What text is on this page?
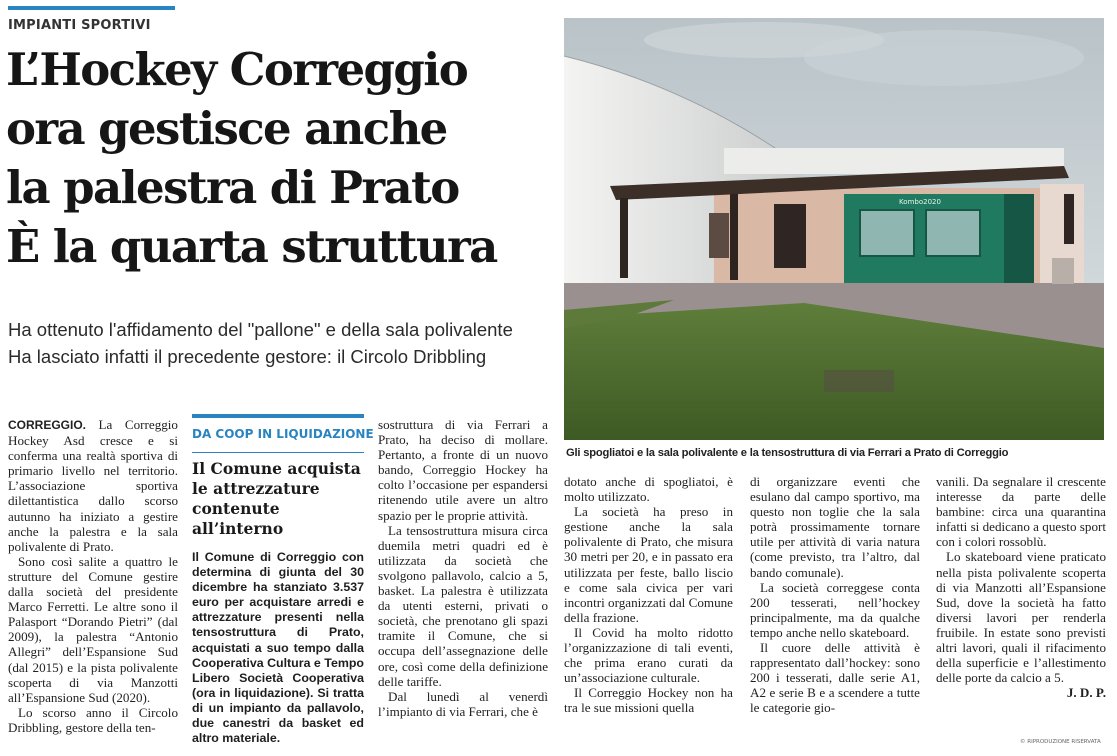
IMPIANTI SPORTIVI
L’Hockey Correggio
ora gestisce anche
la palestra di Prato
È la quarta struttura
Ha ottenuto l'affidamento del "pallone" e della sala polivalente
Ha lasciato infatti il precedente gestore: il Circolo Dribbling
Kombo2020
Gli spogliatoi e la sala polivalente e la tensostruttura di via Ferrari a Prato di Correggio

CORREGGIO. La Correggio Hockey Asd cresce e si conferma una realtà sportiva di primario livello nel territorio. L’associazione sportiva dilettantistica dallo scorso autunno ha iniziato a gestire anche la palestra e la sala polivalente di Prato.

Sono così salite a quattro le strutture del Comune gestire dalla società del presidente Marco Ferretti. Le altre sono il Palasport “Dorando Pietri” (dal 2009), la palestra “Antonio Allegri” dell’Espansione Sud (dal 2015) e la pista polivalente scoperta di via Manzotti all’Espansione Sud (2020).

Lo scorso anno il Circolo Dribbling, gestore della ten-

DA COOP IN LIQUIDAZIONE
Il Comune acquista
le attrezzature
contenute all’interno
Il Comune di Correggio con determina di giunta del 30 dicembre ha stanziato 3.537 euro per acquistare arredi e attrezzature presenti nella tensostruttura di Prato, acquistati a suo tempo dalla Cooperativa Cultura e Tempo Libero Società Cooperativa (ora in liquidazione). Si tratta di un impianto da pallavolo, due canestri da basket ed altro materiale.

sostruttura di via Ferrari a Prato, ha deciso di mollare. Pertanto, a fronte di un nuovo bando, Correggio Hockey ha colto l’occasione per espandersi ritenendo utile avere un altro spazio per le proprie attività.

La tensostruttura misura circa duemila metri quadri ed è utilizzata da società che svolgono pallavolo, calcio a 5, basket. La palestra è utilizzata da utenti esterni, privati o società, che prenotano gli spazi tramite il Comune, che si occupa dell’assegnazione delle ore, così come della definizione delle tariffe.

Dal lunedì al venerdì l’impianto di via Ferrari, che è

dotato anche di spogliatoi, è molto utilizzato.

La società ha preso in gestione anche la sala polivalente di Prato, che misura 30 metri per 20, e in passato era utilizzata per feste, ballo liscio e come sala civica per vari incontri organizzati dal Comune della frazione.

Il Covid ha molto ridotto l’organizzazione di tali eventi, che prima erano curati da un’associazione culturale.

Il Correggio Hockey non ha tra le sue missioni quella

di organizzare eventi che esulano dal campo sportivo, ma questo non toglie che la sala potrà prossimamente tornare utile per attività di varia natura (come previsto, tra l’altro, dal bando comunale).

La società correggese conta 200 tesserati, nell’hockey principalmente, ma da qualche tempo anche nello skateboard.

Il cuore delle attività è rappresentato dall’hockey: sono 200 i tesserati, dalle serie A1, A2 e serie B e a scendere a tutte le categorie gio-

vanili. Da segnalare il crescente interesse da parte delle bambine: circa una quarantina infatti si dedicano a questo sport con i colori rossoblù.

Lo skateboard viene praticato nella pista polivalente scoperta di via Manzotti all’Espansione Sud, dove la società ha fatto diversi lavori per renderla fruibile. In estate sono previsti altri lavori, quali il rifacimento della superficie e l’allestimento delle porte da calcio a 5.

J. D. P.

© RIPRODUZIONE RISERVATA
